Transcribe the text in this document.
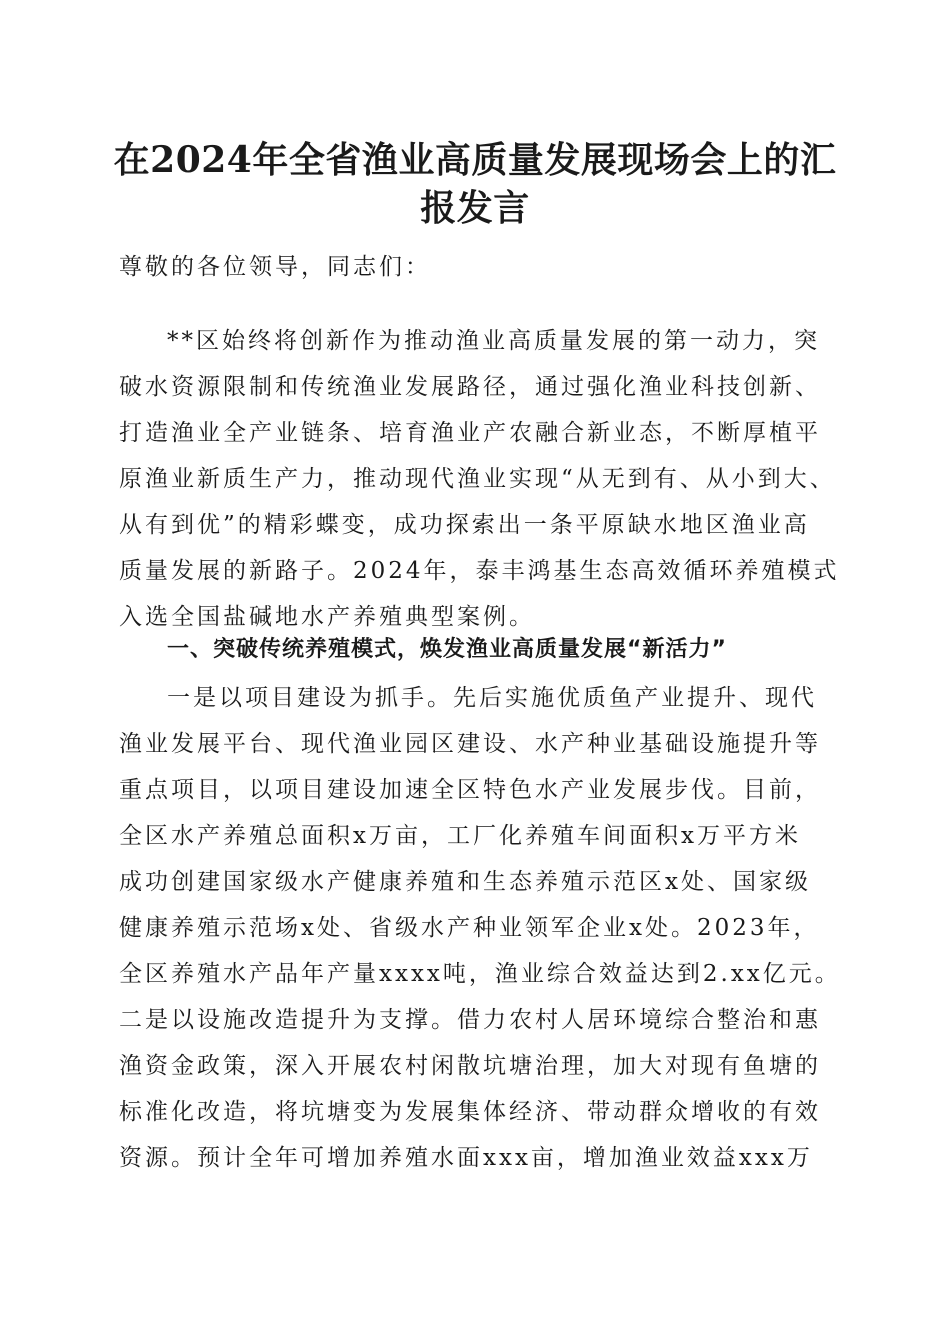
在2024年全省渔业高质量发展现场会上的汇
报发言

尊敬的各位领导，同志们：

**区始终将创新作为推动渔业高质量发展的第一动力，突

破水资源限制和传统渔业发展路径，通过强化渔业科技创新、

打造渔业全产业链条、培育渔业产农融合新业态，不断厚植平

原渔业新质生产力，推动现代渔业实现“从无到有、从小到大、

从有到优”的精彩蝶变，成功探索出一条平原缺水地区渔业高

质量发展的新路子。2024年，泰丰鸿基生态高效循环养殖模式

入选全国盐碱地水产养殖典型案例。

一、突破传统养殖模式，焕发渔业高质量发展“新活力”

一是以项目建设为抓手。先后实施优质鱼产业提升、现代

渔业发展平台、现代渔业园区建设、水产种业基础设施提升等

重点项目，以项目建设加速全区特色水产业发展步伐。目前，

全区水产养殖总面积x万亩，工厂化养殖车间面积x万平方米

成功创建国家级水产健康养殖和生态养殖示范区x处、国家级

健康养殖示范场x处、省级水产种业领军企业x处。2023年，

全区养殖水产品年产量xxxx吨，渔业综合效益达到2.xx亿元。

二是以设施改造提升为支撑。借力农村人居环境综合整治和惠

渔资金政策，深入开展农村闲散坑塘治理，加大对现有鱼塘的

标准化改造，将坑塘变为发展集体经济、带动群众增收的有效

资源。预计全年可增加养殖水面xxx亩，增加渔业效益xxx万
